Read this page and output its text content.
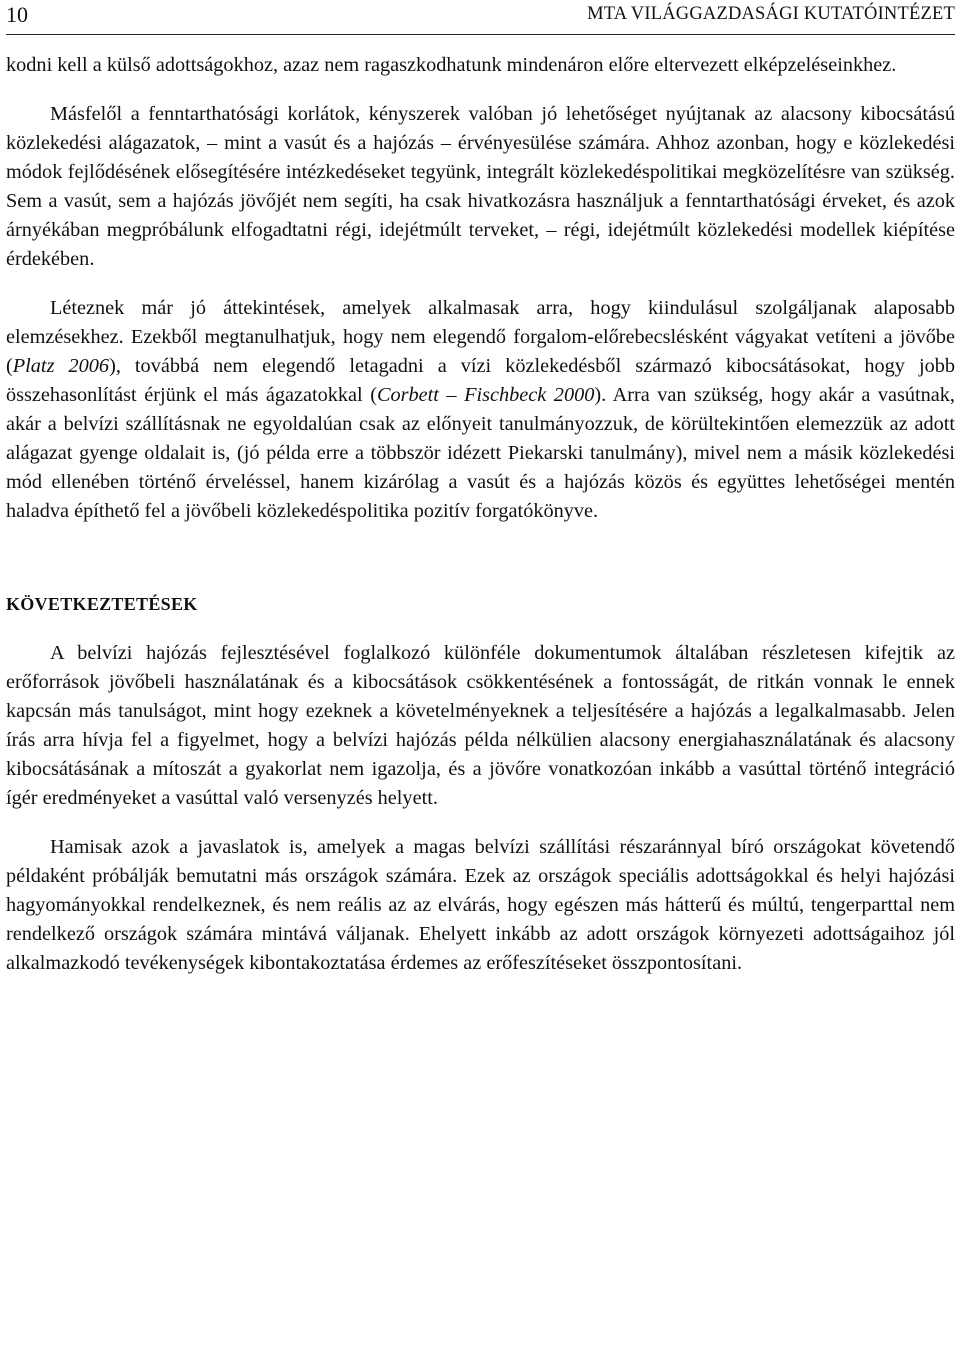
10	MTA VILÁGGAZDASÁGI KUTATÓINTÉZET

kodni kell a külső adottságokhoz, azaz nem ragaszkodhatunk mindenáron előre eltervezett elképzeléseinkhez.

Másfelől a fenntarthatósági korlátok, kényszerek valóban jó lehetőséget nyújtanak az alacsony kibocsátású közlekedési alágazatok, – mint a vasút és a hajózás – érvényesülése számára. Ahhoz azonban, hogy e közlekedési módok fejlődésének elősegítésére intézkedéseket tegyünk, integrált közlekedéspolitikai megközelítésre van szükség. Sem a vasút, sem a hajózás jövőjét nem segíti, ha csak hivatkozásra használjuk a fenntarthatósági érveket, és azok árnyékában megpróbálunk elfogadtatni régi, idejétmúlt terveket, – régi, idejétmúlt közlekedési modellek kiépítése érdekében.

Léteznek már jó áttekintések, amelyek alkalmasak arra, hogy kiindulásul szolgáljanak alaposabb elemzésekhez. Ezekből megtanulhatjuk, hogy nem elegendő forgalom-előrebecslésként vágyakat vetíteni a jövőbe (Platz 2006), továbbá nem elegendő letagadni a vízi közlekedésből származó kibocsátásokat, hogy jobb összehasonlítást érjünk el más ágazatokkal (Corbett – Fischbeck 2000). Arra van szükség, hogy akár a vasútnak, akár a belvízi szállításnak ne egyoldalúan csak az előnyeit tanulmányozzuk, de körültekintően elemezzük az adott alágazat gyenge oldalait is, (jó példa erre a többször idézett Piekarski tanulmány), mivel nem a másik közlekedési mód ellenében történő érveléssel, hanem kizárólag a vasút és a hajózás közös és együttes lehetőségei mentén haladva építhető fel a jövőbeli közlekedéspolitika pozitív forgatókönyve.

KÖVETKEZTETÉSEK

A belvízi hajózás fejlesztésével foglalkozó különféle dokumentumok általában részletesen kifejtik az erőforrások jövőbeli használatának és a kibocsátások csökkentésének a fontosságát, de ritkán vonnak le ennek kapcsán más tanulságot, mint hogy ezeknek a követelményeknek a teljesítésére a hajózás a legalkalmasabb. Jelen írás arra hívja fel a figyelmet, hogy a belvízi hajózás példa nélkülien alacsony energiahasználatának és alacsony kibocsátásának a mítoszát a gyakorlat nem igazolja, és a jövőre vonatkozóan inkább a vasúttal történő integráció ígér eredményeket a vasúttal való versenyzés helyett.

Hamisak azok a javaslatok is, amelyek a magas belvízi szállítási részaránnyal bíró országokat követendő példaként próbálják bemutatni más országok számára. Ezek az országok speciális adottságokkal és helyi hajózási hagyományokkal rendelkeznek, és nem reális az az elvárás, hogy egészen más hátterű és múltú, tengerparttal nem rendelkező országok számára mintává váljanak. Ehelyett inkább az adott országok környezeti adottságaihoz jól alkalmazkodó tevékenységek kibontakoztatása érdemes az erőfeszítéseket összpontosítani.
